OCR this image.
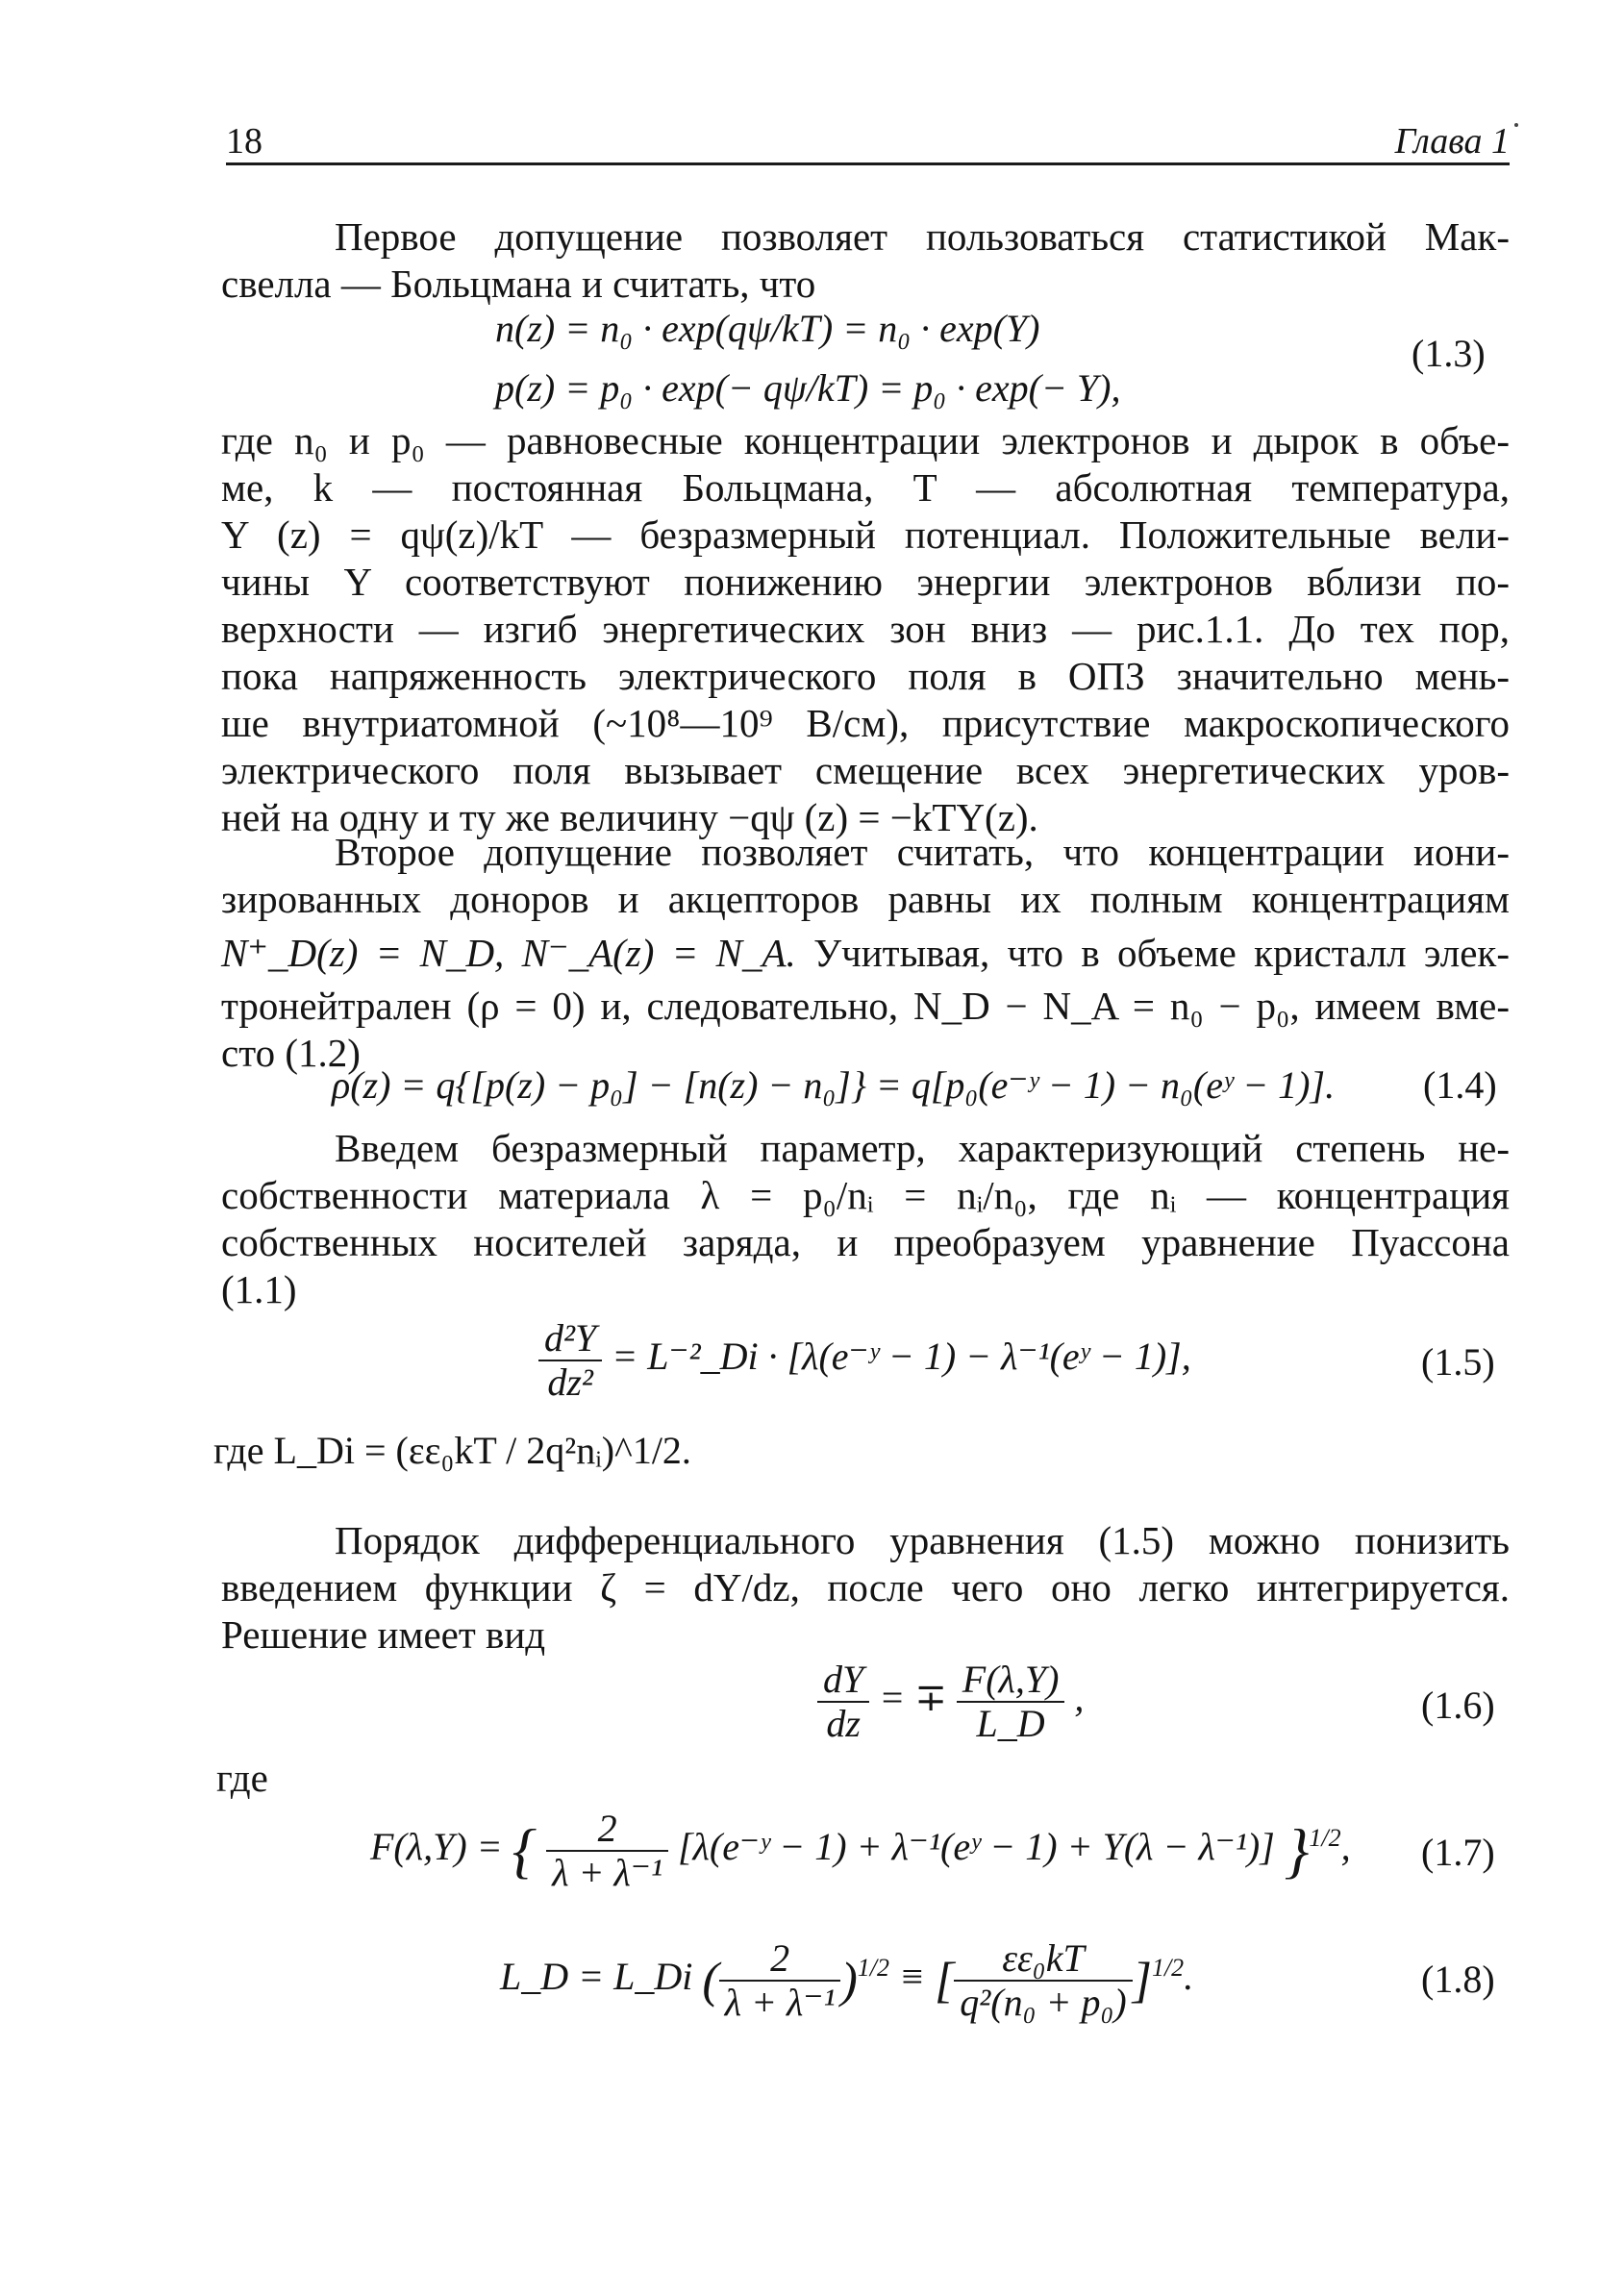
18	Глава 1
Первое допущение позволяет пользоваться статистикой Мак-
свелла — Больцмана и считать, что
n(z) = n₀ · exp(qψ/kT) = n₀ · exp(Y)
p(z) = p₀ · exp(− qψ/kT) = p₀ · exp(− Y),
(1.3)
где n₀ и p₀ — равновесные концентрации электронов и дырок в объе-
ме, k — постоянная Больцмана, T — абсолютная температура,
Y (z) = qψ(z)/kT — безразмерный потенциал. Положительные вели-
чины Y соответствуют понижению энергии электронов вблизи по-
верхности — изгиб энергетических зон вниз — рис.1.1. До тех пор,
пока напряженность электрического поля в ОПЗ значительно мень-
ше внутриатомной (~10⁸—10⁹ В/см), присутствие макроскопического
электрического поля вызывает смещение всех энергетических уров-
ней на одну и ту же величину −qψ (z) = −kTY(z).
Второе допущение позволяет считать, что концентрации иони-
зированных доноров и акцепторов равны их полным концентрациям
N⁺_D(z) = N_D, N⁻_A(z) = N_A. Учитывая, что в объеме кристалл элек-
тронейтрален (ρ = 0) и, следовательно, N_D − N_A = n₀ − p₀, имеем вме-
сто (1.2)
ρ(z) = q{[p(z) − p₀] − [n(z) − n₀]} = q[p₀(e⁻ʸ − 1) − n₀(eʸ − 1)]. (1.4)
Введем безразмерный параметр, характеризующий степень не-
собственности материала λ = p₀/nᵢ = nᵢ/n₀, где nᵢ — концентрация
собственных носителей заряда, и преобразуем уравнение Пуассона
(1.1)
$\frac{\text{d²Y}}{\text{dz²}}$ = L⁻²_Di · [λ(e⁻ʸ − 1) − λ⁻¹(eʸ − 1)],	(1.5)
где L_Di = (εε₀kT / 2q²nᵢ)^1/2.
Порядок дифференциального уравнения (1.5) можно понизить
введением функции ζ = dY/dz, после чего оно легко интегрируется.
Решение имеет вид
$\frac{dY}{dz}$ = ∓ $\frac{F(\lambda,Y)}{L\_D}$ ,	(1.6)
где
F(λ,Y) = { $\frac{2}{\text{λ + λ⁻¹}}$ [λ(e⁻ʸ − 1) + λ⁻¹(eʸ − 1) + Y(λ − λ⁻¹)] }$^{1/2}$, (1.7)
L_D = L_Di ( $\frac{2}{\text{λ + λ⁻¹}} )^{1/2}$ ≡ [ $\frac{\text{εε₀kT}}{\text{q²(n₀ + p₀)}} ]^{1/2}$.	(1.8)
